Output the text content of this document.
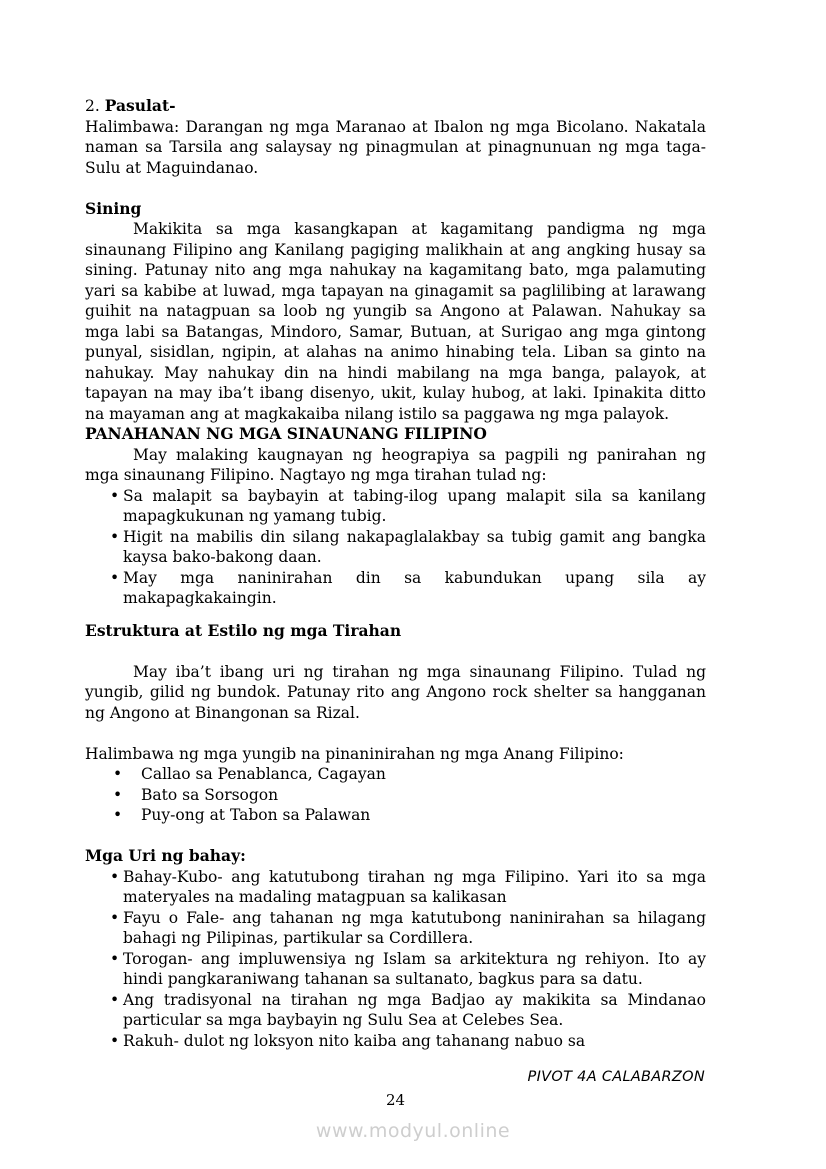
2. Pasulat-

Halimbawa: Darangan ng mga Maranao at Ibalon ng mga Bicolano. Nakatala naman sa Tarsila ang salaysay ng pinagmulan at pinagnunuan ng mga taga-Sulu at Maguindanao.

Sining

Makikita sa mga kasangkapan at kagamitang pandigma ng mga sinaunang Filipino ang Kanilang pagiging malikhain at ang angking husay sa sining. Patunay nito ang mga nahukay na kagamitang bato, mga palamuting yari sa kabibe at luwad, mga tapayan na ginagamit sa paglilibing at larawang guihit na natagpuan sa loob ng yungib sa Angono at Palawan. Nahukay sa mga labi sa Batangas, Mindoro, Samar, Butuan, at Surigao ang mga gintong punyal, sisidlan, ngipin, at alahas na animo hinabing tela. Liban sa ginto na nahukay. May nahukay din na hindi mabilang na mga banga, palayok, at tapayan na may iba’t ibang disenyo, ukit, kulay hubog, at laki. Ipinakita ditto na mayaman ang at magkakaiba nilang istilo sa paggawa ng mga palayok.

PANAHANAN NG MGA SINAUNANG FILIPINO

May malaking kaugnayan ng heograpiya sa pagpili ng panirahan ng mga sinaunang Filipino. Nagtayo ng mga tirahan tulad ng:

• Sa malapit sa baybayin at tabing-ilog upang malapit sila sa kanilang mapagkukunan ng yamang tubig.
• Higit na mabilis din silang nakapaglalakbay sa tubig gamit ang bangka kaysa bako-bakong daan.
• May mga naninirahan din sa kabundukan upang sila ay makapagkakaingin.
Estruktura at Estilo ng mga Tirahan

May iba’t ibang uri ng tirahan ng mga sinaunang Filipino. Tulad ng yungib, gilid ng bundok. Patunay rito ang Angono rock shelter sa hangganan ng Angono at Binangonan sa Rizal.

Halimbawa ng mga yungib na pinaninirahan ng mga Anang Filipino:

• Callao sa Penablanca, Cagayan
• Bato sa Sorsogon
• Puy-ong at Tabon sa Palawan
Mga Uri ng bahay:
• Bahay-Kubo- ang katutubong tirahan ng mga Filipino. Yari ito sa mga materyales na madaling matagpuan sa kalikasan
• Fayu o Fale- ang tahanan ng mga katutubong naninirahan sa hilagang bahagi ng Pilipinas, partikular sa Cordillera.
• Torogan- ang impluwensiya ng Islam sa arkitektura ng rehiyon. Ito ay hindi pangkaraniwang tahanan sa sultanato, bagkus para sa datu.
• Ang tradisyonal na tirahan ng mga Badjao ay makikita sa Mindanao particular sa mga baybayin ng Sulu Sea at Celebes Sea.
• Rakuh- dulot ng loksyon nito kaiba ang tahanang nabuo sa
PIVOT 4A CALABARZON
24
www.modyul.online
